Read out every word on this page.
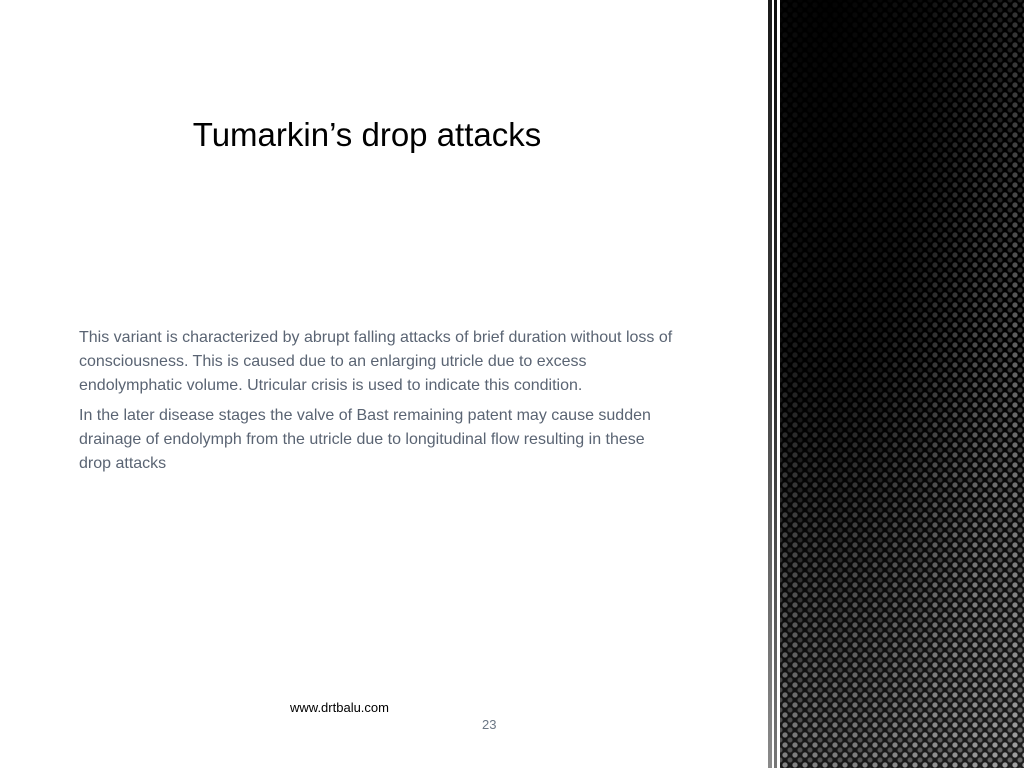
Tumarkin’s drop attacks

This variant is characterized by abrupt falling attacks of brief duration without loss of consciousness. This is caused due to an enlarging utricle due to excess endolymphatic volume. Utricular crisis is used to indicate this condition.

In the later disease stages the valve of Bast remaining patent may cause sudden drainage of endolymph from the utricle due to longitudinal flow resulting in these drop attacks

www.drtbalu.com
23
